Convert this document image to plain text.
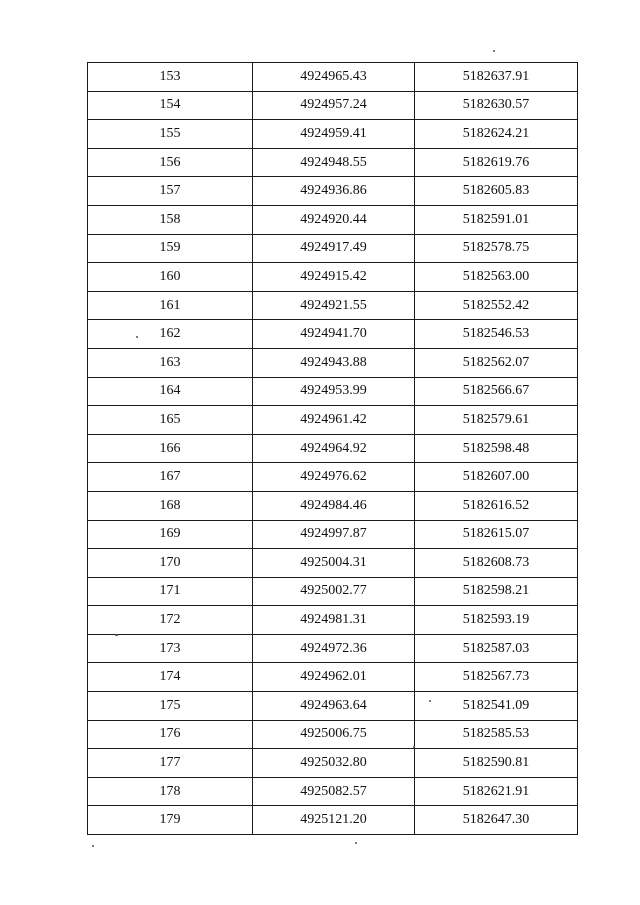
153	4924965.43	5182637.91
154	4924957.24	5182630.57
155	4924959.41	5182624.21
156	4924948.55	5182619.76
157	4924936.86	5182605.83
158	4924920.44	5182591.01
159	4924917.49	5182578.75
160	4924915.42	5182563.00
161	4924921.55	5182552.42
162	4924941.70	5182546.53
163	4924943.88	5182562.07
164	4924953.99	5182566.67
165	4924961.42	5182579.61
166	4924964.92	5182598.48
167	4924976.62	5182607.00
168	4924984.46	5182616.52
169	4924997.87	5182615.07
170	4925004.31	5182608.73
171	4925002.77	5182598.21
172	4924981.31	5182593.19
173	4924972.36	5182587.03
174	4924962.01	5182567.73
175	4924963.64	5182541.09
176	4925006.75	5182585.53
177	4925032.80	5182590.81
178	4925082.57	5182621.91
179	4925121.20	5182647.30
